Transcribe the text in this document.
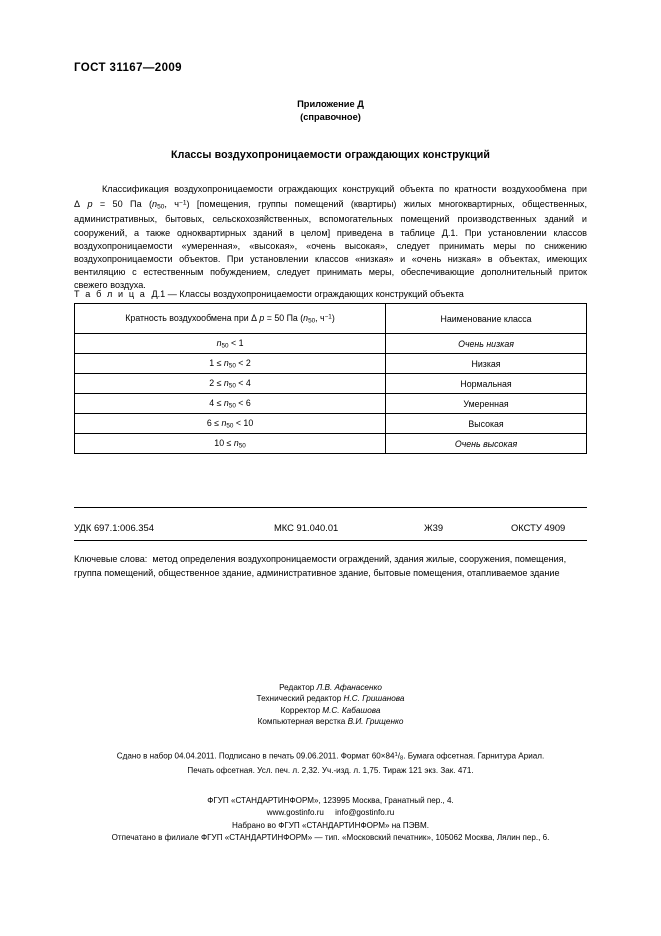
ГОСТ 31167—2009
Приложение Д
(справочное)
Классы воздухопроницаемости ограждающих конструкций

Классификация воздухопроницаемости ограждающих конструкций объекта по кратности воздухообмена при Δ p = 50 Па ($n_{50}$, $ч^{-1}$) [помещения, группы помещений (квартиры) жилых многоквартирных, общественных, административных, бытовых, сельскохозяйственных, вспомогательных помещений производственных зданий и сооружений, а также одноквартирных зданий в целом] приведена в таблице Д.1. При установлении классов воздухопроницаемости «умеренная», «высокая», «очень высокая», следует принимать меры по снижению воздухопроницаемости объектов. При установлении классов «низкая» и «очень низкая» в объектах, имеющих вентиляцию с естественным побуждением, следует принимать меры, обеспечивающие дополнительный приток свежего воздуха.

Т а б л и ц а Д.1 — Классы воздухопроницаемости ограждающих конструкций объекта
Кратность воздухообмена при Δ p = 50 Па ($n_{50}$, $ч^{-1}$)	Наименование класса
$n_{50} < 1$	Очень низкая
$1 \le n_{50} < 2$	Низкая
$2 \le n_{50} < 4$	Нормальная
$4 \le n_{50} < 6$	Умеренная
$6 \le n_{50} < 10$	Высокая
$10 \le n_{50}$	Очень высокая
УДК 697.1:006.354	МКС 91.040.01	Ж39	ОКСТУ 4909
Ключевые слова: метод определения воздухопроницаемости ограждений, здания жилые, сооружения, помещения, группа помещений, общественное здание, административное здание, бытовые помещения, отапливаемое здание
Редактор Л.В. Афанасенко
Технический редактор Н.С. Гришанова
Корректор М.С. Кабашова
Компьютерная верстка В.И. Грищенко
Сдано в набор 04.04.2011. Подписано в печать 09.06.2011. Формат $60\times 84^1/_8$. Бумага офсетная. Гарнитура Ариал.
Печать офсетная. Усл. печ. л. 2,32. Уч.-изд. л. 1,75. Тираж 121 экз. Зак. 471.
ФГУП «СТАНДАРТИНФОРМ», 123995 Москва, Гранатный пер., 4.
www.gostinfo.ru info@gostinfo.ru
Набрано во ФГУП «СТАНДАРТИНФОРМ» на ПЭВМ.
Отпечатано в филиале ФГУП «СТАНДАРТИНФОРМ» — тип. «Московский печатник», 105062 Москва, Лялин пер., 6.
